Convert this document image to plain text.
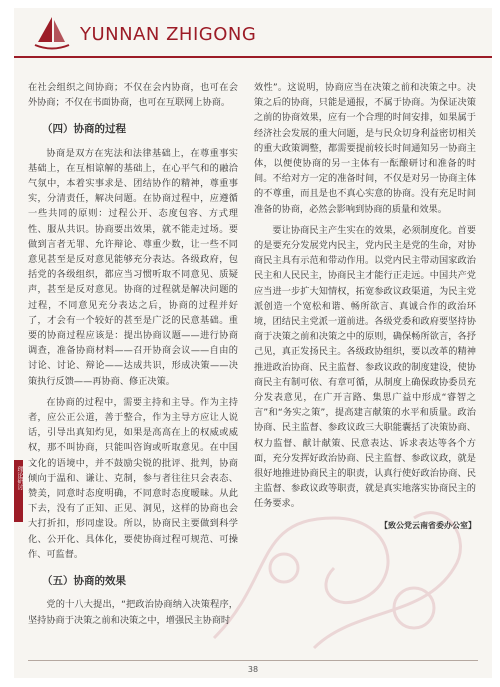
YUNNAN ZHIGONG
理论研讨

在社会组织之间协商；不仅在会内协商，也可在会外协商；不仅在书面协商，也可在互联网上协商。

（四）协商的过程

协商是双方在宪法和法律基础上，在尊重事实基础上，在互相谅解的基础上，在心平气和的融洽气氛中，本着实事求是、团结协作的精神，尊重事实，分清责任，解决问题。在协商过程中，应遵循一些共同的原则：过程公开、态度包容、方式理性、服从共识。协商要出效果，就不能走过场。要做到言者无罪、允许辩论、尊重少数，让一些不同意见甚至是反对意见能够充分表达。各级政府，包括党的各级组织，都应当习惯听取不同意见、质疑声，甚至是反对意见。协商的过程就是解决问题的过程，不同意见充分表达之后，协商的过程并好了，才会有一个较好的甚至是广泛的民意基础。重要的协商过程应该是：提出协商议题——进行协商调查，准备协商材料——召开协商会议——自由的讨论、讨论、辩论——达成共识，形成决策——决策执行反馈——再协商、修正决策。

在协商的过程中，需要主持和主导。作为主持者，应公正公道，善于整合，作为主导方应让人说话，引导出真知灼见，如果是高高在上的权威或威权，那不叫协商，只能叫咨询或听取意见。在中国文化的语境中，并不鼓励尖锐的批评、批判，协商倾向于温和、谦让、克制，参与者往往只会表态、赞美，同意时态度明确，不同意时态度暧昧。从此下去，没有了正知、正见、洞见，这样的协商也会大打折扣，形同虚设。所以，协商民主要做到科学化、公开化、具体化，要使协商过程可规范、可操作、可监督。

（五）协商的效果

党的十八大提出，“把政治协商纳入决策程序，坚持协商于决策之前和决策之中，增强民主协商时

效性”。这说明，协商应当在决策之前和决策之中。决策之后的协商，只能是通报，不属于协商。为保证决策之前的协商效果，应有一个合理的时间安排，如果属于经济社会发展的重大问题，是与民众切身利益密切相关的重大政策调整，都需要提前较长时间通知另一协商主体，以便使协商的另一主体有一酝酿研讨和准备的时间。不给对方一定的准备时间，不仅是对另一协商主体的不尊重，而且是也不真心实意的协商。没有充足时间准备的协商，必然会影响到协商的质量和效果。

要让协商民主产生实在的效果，必须制度化。首要的是要充分发展党内民主，党内民主是党的生命，对协商民主具有示范和带动作用。以党内民主带动国家政治民主和人民民主，协商民主才能行正走远。中国共产党应当进一步扩大知情权，拓宽参政议政渠道，为民主党派创造一个宽松和谐、畅所欲言、真诚合作的政治环境，团结民主党派一道前进。各级党委和政府要坚持协商于决策之前和决策之中的原则，确保畅所欲言，各抒己见，真正发扬民主。各级政协组织，要以改革的精神推进政治协商、民主监督、参政议政的制度建设，使协商民主有制可依、有章可循，从制度上确保政协委员充分发表意见，在广开言路、集思广益中形成“睿智之言”和“务实之策”，提高建言献策的水平和质量。政治协商、民主监督、参政议政三大职能囊括了决策协商、权力监督、献计献策、民意表达、诉求表达等各个方面，充分发挥好政治协商、民主监督、参政议政，就是很好地推进协商民主的职责，认真行使好政治协商、民主监督、参政议政等职责，就是真实地落实协商民主的任务要求。

【致公党云南省委办公室】

38
